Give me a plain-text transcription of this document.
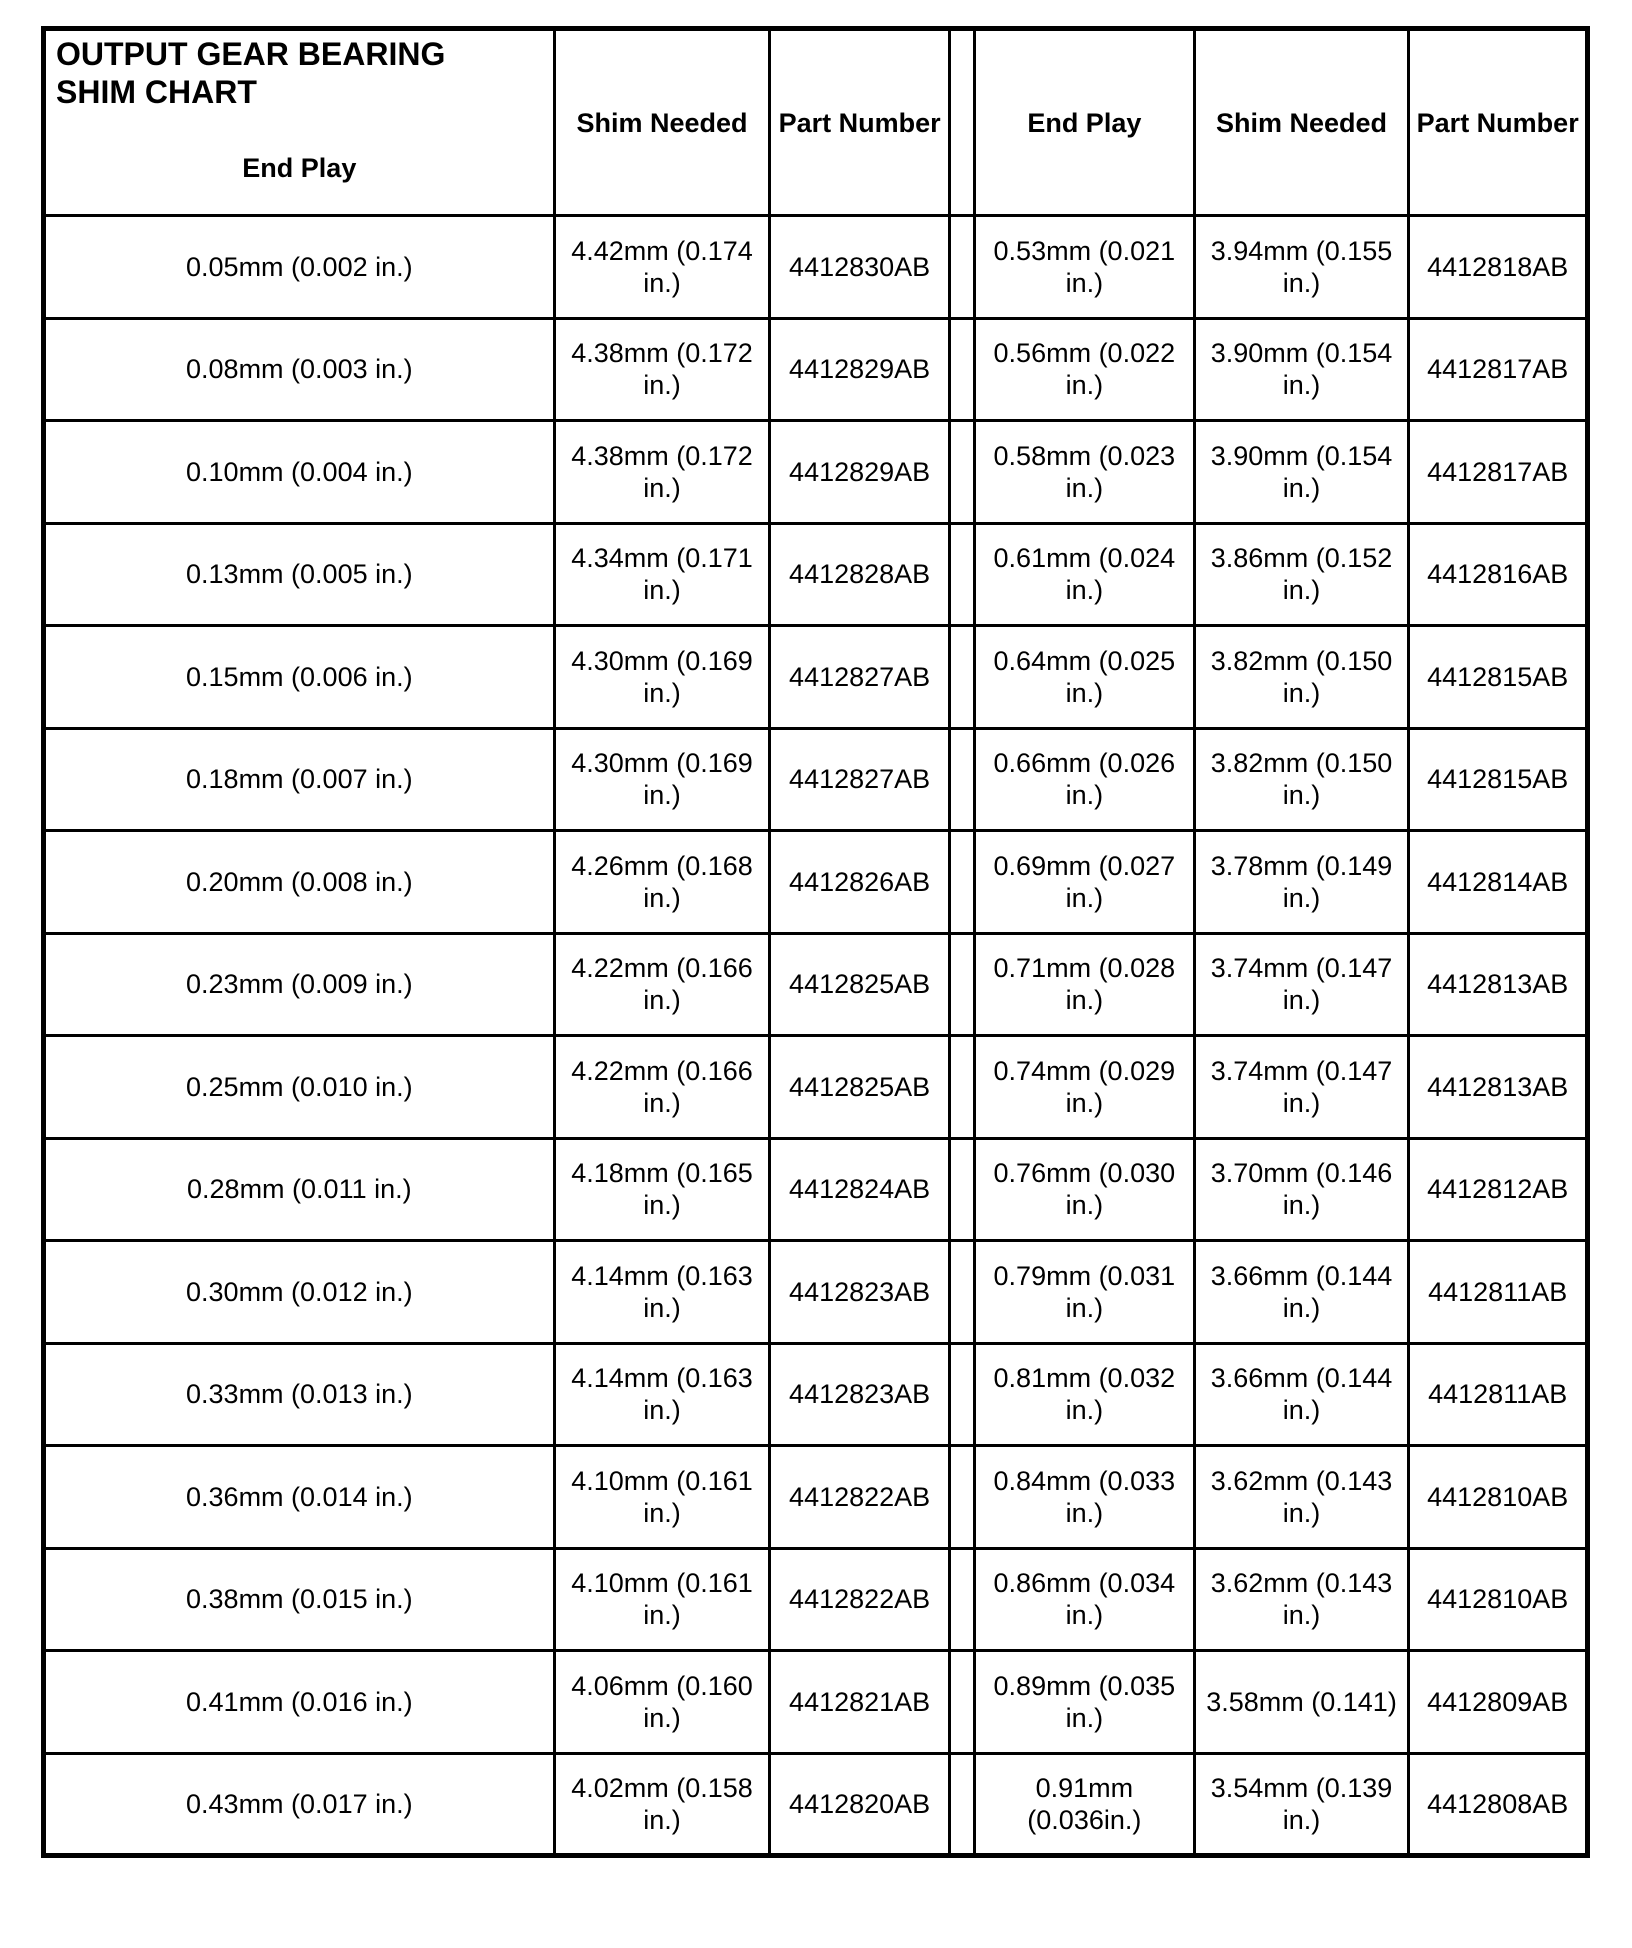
OUTPUT GEAR BEARING
SHIM CHART
End Play	Shim Needed	Part Number		End Play	Shim Needed	Part Number
0.05mm (0.002 in.)	4.42mm (0.174 in.)	4412830AB		0.53mm (0.021 in.)	3.94mm (0.155 in.)	4412818AB
0.08mm (0.003 in.)	4.38mm (0.172 in.)	4412829AB		0.56mm (0.022 in.)	3.90mm (0.154 in.)	4412817AB
0.10mm (0.004 in.)	4.38mm (0.172 in.)	4412829AB		0.58mm (0.023 in.)	3.90mm (0.154 in.)	4412817AB
0.13mm (0.005 in.)	4.34mm (0.171 in.)	4412828AB		0.61mm (0.024 in.)	3.86mm (0.152 in.)	4412816AB
0.15mm (0.006 in.)	4.30mm (0.169 in.)	4412827AB		0.64mm (0.025 in.)	3.82mm (0.150 in.)	4412815AB
0.18mm (0.007 in.)	4.30mm (0.169 in.)	4412827AB		0.66mm (0.026 in.)	3.82mm (0.150 in.)	4412815AB
0.20mm (0.008 in.)	4.26mm (0.168 in.)	4412826AB		0.69mm (0.027 in.)	3.78mm (0.149 in.)	4412814AB
0.23mm (0.009 in.)	4.22mm (0.166 in.)	4412825AB		0.71mm (0.028 in.)	3.74mm (0.147 in.)	4412813AB
0.25mm (0.010 in.)	4.22mm (0.166 in.)	4412825AB		0.74mm (0.029 in.)	3.74mm (0.147 in.)	4412813AB
0.28mm (0.011 in.)	4.18mm (0.165 in.)	4412824AB		0.76mm (0.030 in.)	3.70mm (0.146 in.)	4412812AB
0.30mm (0.012 in.)	4.14mm (0.163 in.)	4412823AB		0.79mm (0.031 in.)	3.66mm (0.144 in.)	4412811AB
0.33mm (0.013 in.)	4.14mm (0.163 in.)	4412823AB		0.81mm (0.032 in.)	3.66mm (0.144 in.)	4412811AB
0.36mm (0.014 in.)	4.10mm (0.161 in.)	4412822AB		0.84mm (0.033 in.)	3.62mm (0.143 in.)	4412810AB
0.38mm (0.015 in.)	4.10mm (0.161 in.)	4412822AB		0.86mm (0.034 in.)	3.62mm (0.143 in.)	4412810AB
0.41mm (0.016 in.)	4.06mm (0.160 in.)	4412821AB		0.89mm (0.035 in.)	3.58mm (0.141)	4412809AB
0.43mm (0.017 in.)	4.02mm (0.158 in.)	4412820AB		0.91mm (0.036in.)	3.54mm (0.139 in.)	4412808AB
